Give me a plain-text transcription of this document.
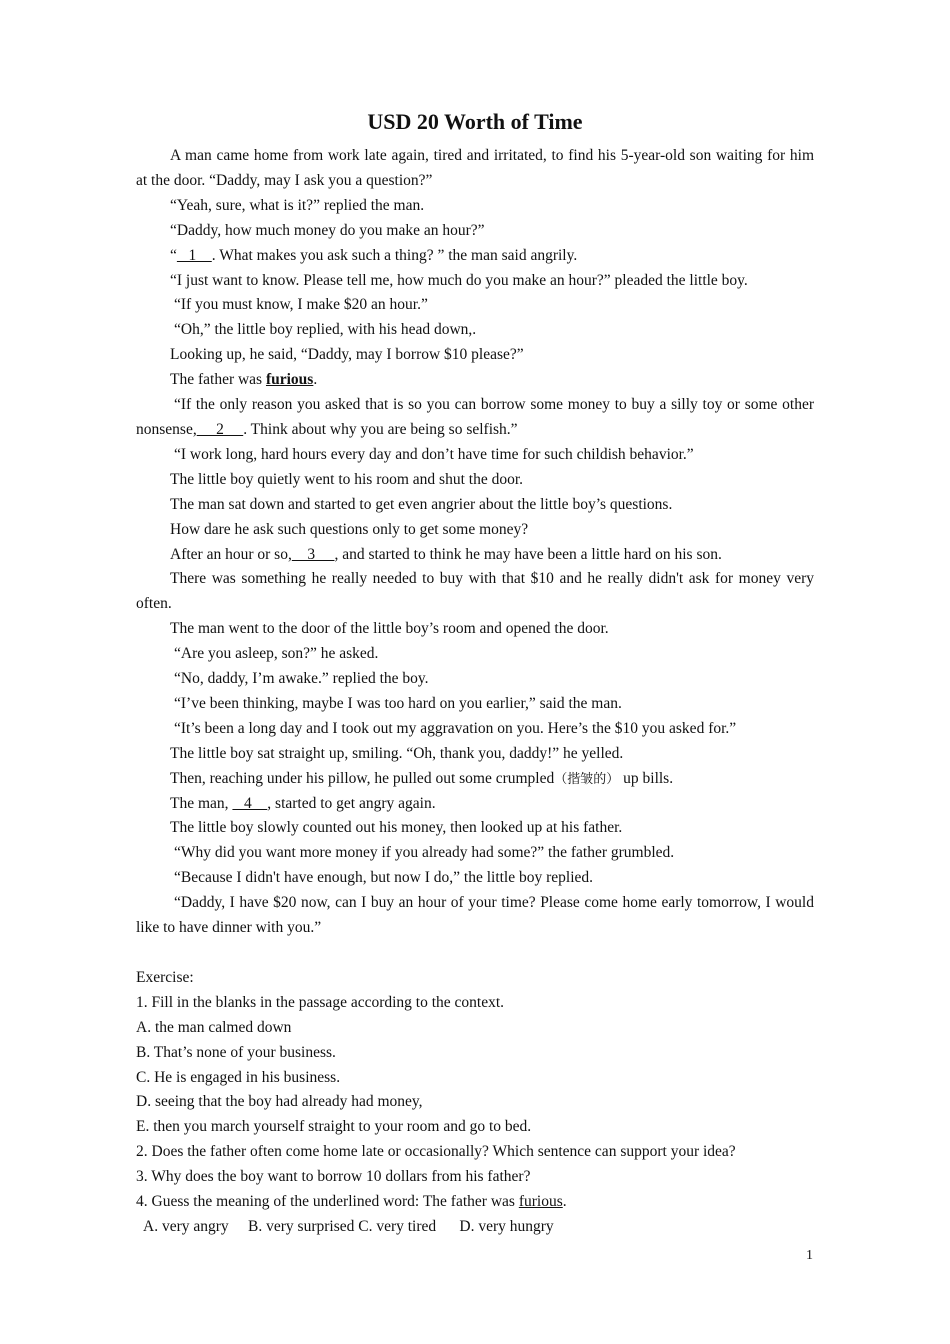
USD 20 Worth of Time
A man came home from work late again, tired and irritated, to find his 5-year-old son waiting for him at the door. “Daddy, may I ask you a question?”
“Yeah, sure, what is it?” replied the man.
“Daddy, how much money do you make an hour?”
“   1    . What makes you ask such a thing? ” the man said angrily.
“I just want to know. Please tell me, how much do you make an hour?” pleaded the little boy.
“If you must know, I make $20 an hour.”
“Oh,” the little boy replied, with his head down,.
Looking up, he said, “Daddy, may I borrow $10 please?”
The father was furious.
“If the only reason you asked that is so you can borrow some money to buy a silly toy or some other nonsense,     2     . Think about why you are being so selfish.”
“I work long, hard hours every day and don’t have time for such childish behavior.”
The little boy quietly went to his room and shut the door.
The man sat down and started to get even angrier about the little boy’s questions.
How dare he ask such questions only to get some money?
After an hour or so,    3     , and started to think he may have been a little hard on his son.
There was something he really needed to buy with that $10 and he really didn't ask for money very often.
The man went to the door of the little boy’s room and opened the door.
“Are you asleep, son?” he asked.
“No, daddy, I’m awake.” replied the boy.
“I’ve been thinking, maybe I was too hard on you earlier,” said the man.
“It’s been a long day and I took out my aggravation on you. Here’s the $10 you asked for.”
The little boy sat straight up, smiling. “Oh, thank you, daddy!” he yelled.
Then, reaching under his pillow, he pulled out some crumpled（揩皱的） up bills.
The man,    4    , started to get angry again.
The little boy slowly counted out his money, then looked up at his father.
“Why did you want more money if you already had some?” the father grumbled.
“Because I didn't have enough, but now I do,” the little boy replied.
“Daddy, I have $20 now, can I buy an hour of your time? Please come home early tomorrow, I would like to have dinner with you.”
Exercise:
1. Fill in the blanks in the passage according to the context.
A. the man calmed down
B. That’s none of your business.
C. He is engaged in his business.
D. seeing that the boy had already had money,
E. then you march yourself straight to your room and go to bed.
2. Does the father often come home late or occasionally? Which sentence can support your idea?
3. Why does the boy want to borrow 10 dollars from his father?
4. Guess the meaning of the underlined word: The father was furious.
A. very angry     B. very surprised C. very tired      D. very hungry
1
